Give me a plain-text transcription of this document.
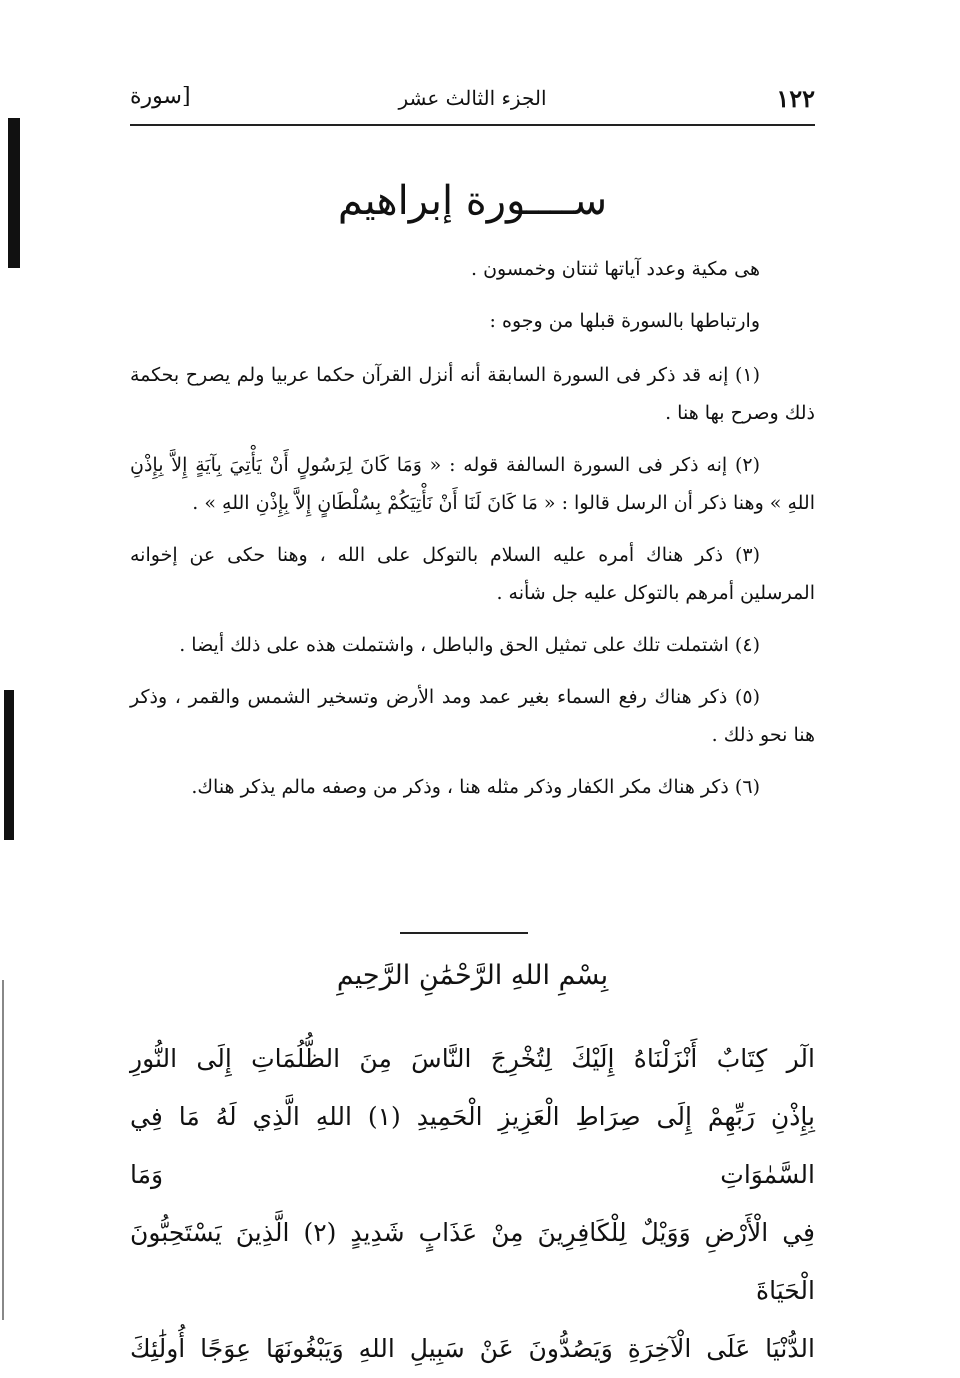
١٢٢
الجزء الثالث عشر
[سورة
ســــورة إبراهيم

هى مكية وعدد آياتها ثنتان وخمسون .

وارتباطها بالسورة قبلها من وجوه :

(١) إنه قد ذكر فى السورة السابقة أنه أنزل القرآن حكما عربيا ولم يصرح بحكمة ذلك وصرح بها هنا .

(٢) إنه ذكر فى السورة السالفة قوله : « وَمَا كَانَ لِرَسُولٍ أَنْ يَأْتِيَ بِآيَةٍ إِلاَّ بِإِذْنِ اللهِ » وهنا ذكر أن الرسل قالوا : « مَا كَانَ لَنَا أَنْ نَأْتِيَكُمْ بِسُلْطَانٍ إِلاَّ بِإِذْنِ اللهِ » .

(٣) ذكر هناك أمره عليه السلام بالتوكل على الله ، وهنا حكى عن إخوانه المرسلين أمرهم بالتوكل عليه جل شأنه .

(٤) اشتملت تلك على تمثيل الحق والباطل ، واشتملت هذه على ذلك أيضا .

(٥) ذكر هناك رفع السماء بغير عمد ومد الأرض وتسخير الشمس والقمر ، وذكر هنا نحو ذلك .

(٦) ذكر هناك مكر الكفار وذكر مثله هنا ، وذكر من وصفه مالم يذكر هناك.

بِسْمِ اللهِ الرَّحْمَٰنِ الرَّحِيمِ
الٓر كِتَابٌ أَنْزَلْنَاهُ إِلَيْكَ لِتُخْرِجَ النَّاسَ مِنَ الظُّلُمَاتِ إِلَى النُّورِ
بِإِذْنِ رَبِّهِمْ إِلَى صِرَاطِ الْعَزِيزِ الْحَمِيدِ (١) اللهِ الَّذِي لَهُ مَا فِي السَّمٰوَاتِ وَمَا
فِي الْأَرْضِ وَوَيْلٌ لِلْكَافِرِينَ مِنْ عَذَابٍ شَدِيدٍ (٢) الَّذِينَ يَسْتَحِبُّونَ الْحَيَاةَ
الدُّنْيَا عَلَى الْآخِرَةِ وَيَصُدُّونَ عَنْ سَبِيلِ اللهِ وَيَبْغُونَهَا عِوَجًا أُولَٰئِكَ
